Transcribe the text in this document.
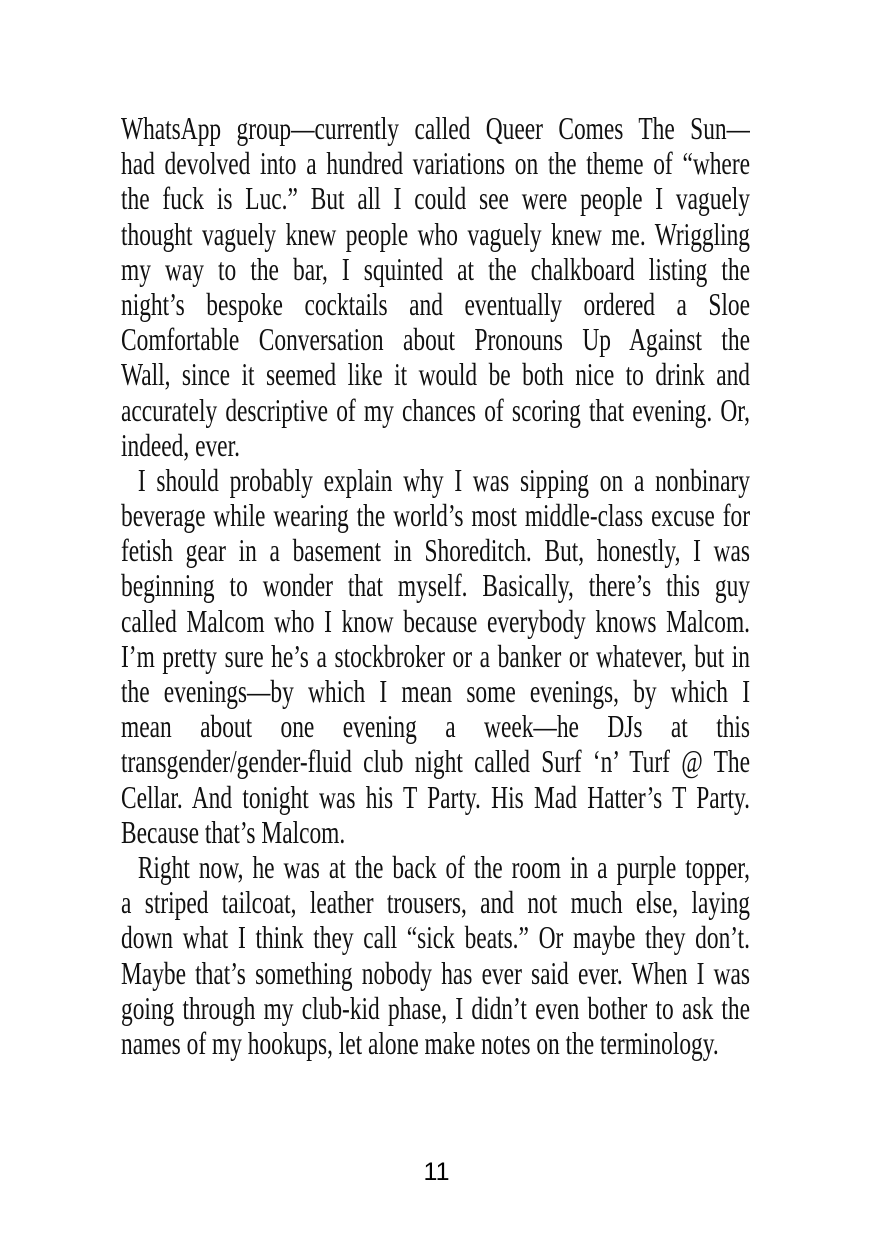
WhatsApp group—currently called Queer Comes The Sun—
had devolved into a hundred variations on the theme of “where
the fuck is Luc.” But all I could see were people I vaguely
thought vaguely knew people who vaguely knew me. Wriggling
my way to the bar, I squinted at the chalkboard listing the
night’s bespoke cocktails and eventually ordered a Sloe
Comfortable Conversation about Pronouns Up Against the
Wall, since it seemed like it would be both nice to drink and
accurately descriptive of my chances of scoring that evening. Or,
indeed, ever.
I should probably explain why I was sipping on a nonbinary
beverage while wearing the world’s most middle-class excuse for
fetish gear in a basement in Shoreditch. But, honestly, I was
beginning to wonder that myself. Basically, there’s this guy
called Malcom who I know because everybody knows Malcom.
I’m pretty sure he’s a stockbroker or a banker or whatever, but in
the evenings—by which I mean some evenings, by which I
mean about one evening a week—he DJs at this
transgender/gender-fluid club night called Surf ‘n’ Turf @ The
Cellar. And tonight was his T Party. His Mad Hatter’s T Party.
Because that’s Malcom.
Right now, he was at the back of the room in a purple topper,
a striped tailcoat, leather trousers, and not much else, laying
down what I think they call “sick beats.” Or maybe they don’t.
Maybe that’s something nobody has ever said ever. When I was
going through my club-kid phase, I didn’t even bother to ask the
names of my hookups, let alone make notes on the terminology.
11
